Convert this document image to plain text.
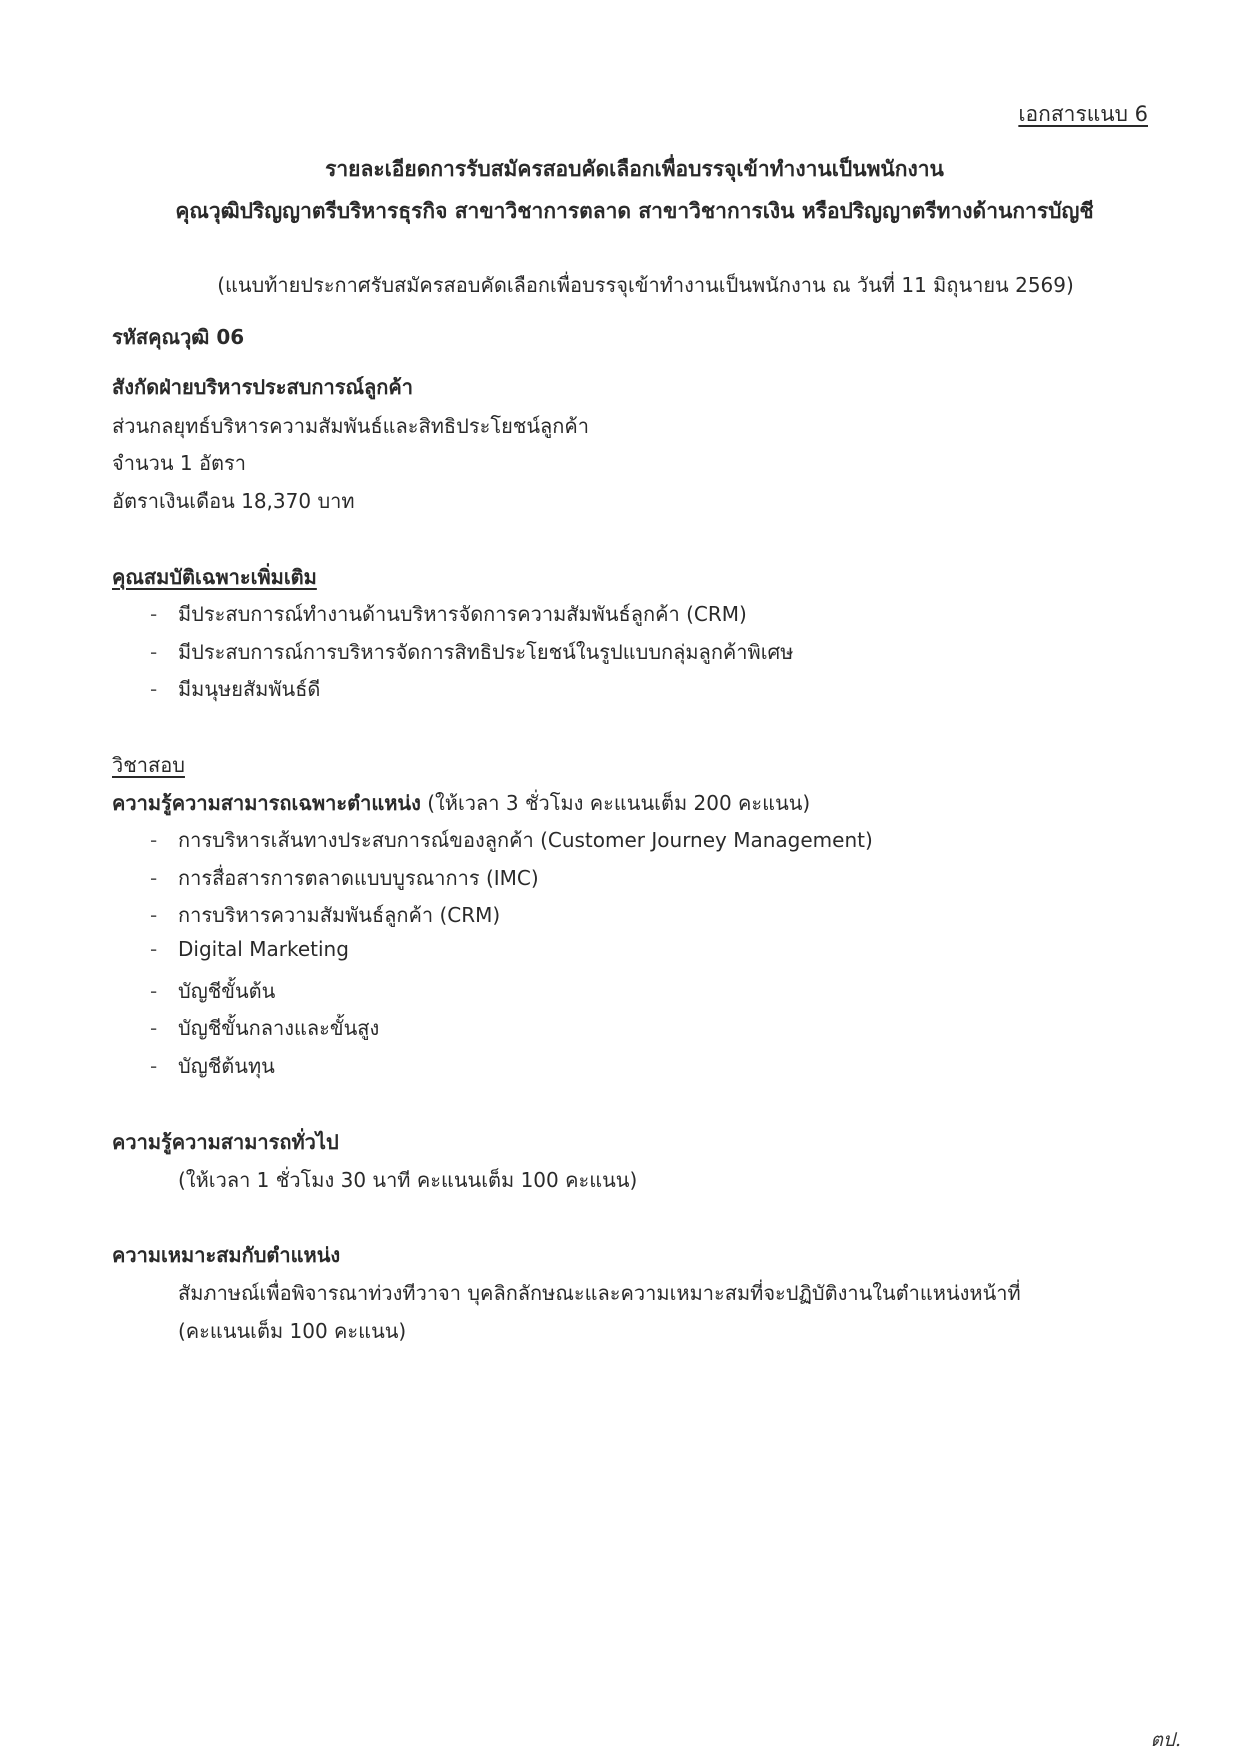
เอกสารแนบ 6
รายละเอียดการรับสมัครสอบคัดเลือกเพื่อบรรจุเข้าทำงานเป็นพนักงาน
คุณวุฒิปริญญาตรีบริหารธุรกิจ สาขาวิชาการตลาด สาขาวิชาการเงิน หรือปริญญาตรีทางด้านการบัญชี
(แนบท้ายประกาศรับสมัครสอบคัดเลือกเพื่อบรรจุเข้าทำงานเป็นพนักงาน ณ วันที่ 11 มิถุนายน 2569)
รหัสคุณวุฒิ 06
สังกัดฝ่ายบริหารประสบการณ์ลูกค้า
ส่วนกลยุทธ์บริหารความสัมพันธ์และสิทธิประโยชน์ลูกค้า
จำนวน 1 อัตรา
อัตราเงินเดือน 18,370 บาท
คุณสมบัติเฉพาะเพิ่มเติม
- มีประสบการณ์ทำงานด้านบริหารจัดการความสัมพันธ์ลูกค้า (CRM)
- มีประสบการณ์การบริหารจัดการสิทธิประโยชน์ในรูปแบบกลุ่มลูกค้าพิเศษ
- มีมนุษยสัมพันธ์ดี
วิชาสอบ
ความรู้ความสามารถเฉพาะตำแหน่ง (ให้เวลา 3 ชั่วโมง คะแนนเต็ม 200 คะแนน)
- การบริหารเส้นทางประสบการณ์ของลูกค้า (Customer Journey Management)
- การสื่อสารการตลาดแบบบูรณาการ (IMC)
- การบริหารความสัมพันธ์ลูกค้า (CRM)
- Digital Marketing
- บัญชีขั้นต้น
- บัญชีขั้นกลางและขั้นสูง
- บัญชีต้นทุน
ความรู้ความสามารถทั่วไป
(ให้เวลา 1 ชั่วโมง 30 นาที คะแนนเต็ม 100 คะแนน)
ความเหมาะสมกับตำแหน่ง
สัมภาษณ์เพื่อพิจารณาท่วงทีวาจา บุคลิกลักษณะและความเหมาะสมที่จะปฏิบัติงานในตำแหน่งหน้าที่
(คะแนนเต็ม 100 คะแนน)
ตป.
